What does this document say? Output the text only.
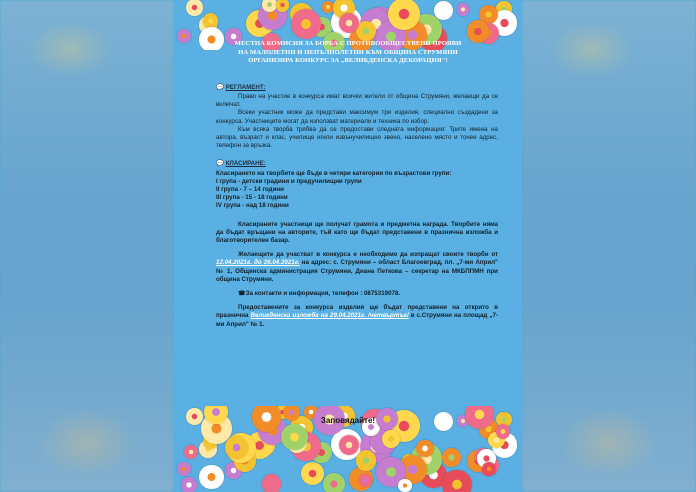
МЕСТНА КОМИСИЯ ЗА БОРБА С ПРОТИВООБЩЕСТВЕНИ ПРОЯВИ
НА МАЛОЛЕТНИ И НЕПЪЛНОЛЕТНИ КЪМ ОБЩИНА СТРУМЯНИ
ОРГАНИЗИРА КОНКУРС ЗА „ВЕЛИКДЕНСКА ДЕКОРАЦИЯ"!
💬 РЕГЛАМЕНТ:
Право на участие в конкурса имат всички жители от община Струмяни, желаещи да се включат.
Всеки участник може да представи максимум три изделия, специално създадени за конкурса. Участниците могат да използват материали и техника по избор.
Към всяка творба трябва да се предостави следната информация: Трите имена на автора, възраст и клас, училище и/или извънучилищно звено, населено място и точен адрес, телефон за връзка.
💬 КЛАСИРАНЕ:
Класирането на творбите ще бъде в четири категории по възрастови групи:
I група - детски градини и предучилищни групи
II група - 7 – 14 години
III група - 15 - 18 години
IV група - над 18 години
Класираните участници ще получат грамота и предметна награда. Творбите няма да бъдат връщани на авторите, тъй като ще бъдат представени в празнична изложба и благотворителен базар.
Желаещите да участват в конкурса е необходимо да изпращат своите творби от 12.04.2021г. до 26.04.2021г. на адрес: с. Струмяни – област Благоевград, пл. „7-ми Април" № 1, Общинска администрация Струмяни, Диана Петкова – секретар на МКБППМН при община Струмяни.
☎За контакти и информация, телефон : 0875319078.
Предоставените за конкурса изделия ще бъдат представени на открито в празнична Великденска изложба на 29.04.2021г. /четвъртък/ в с.Струмяни на площад „7-ми Април" № 1.
Заповядайте!
